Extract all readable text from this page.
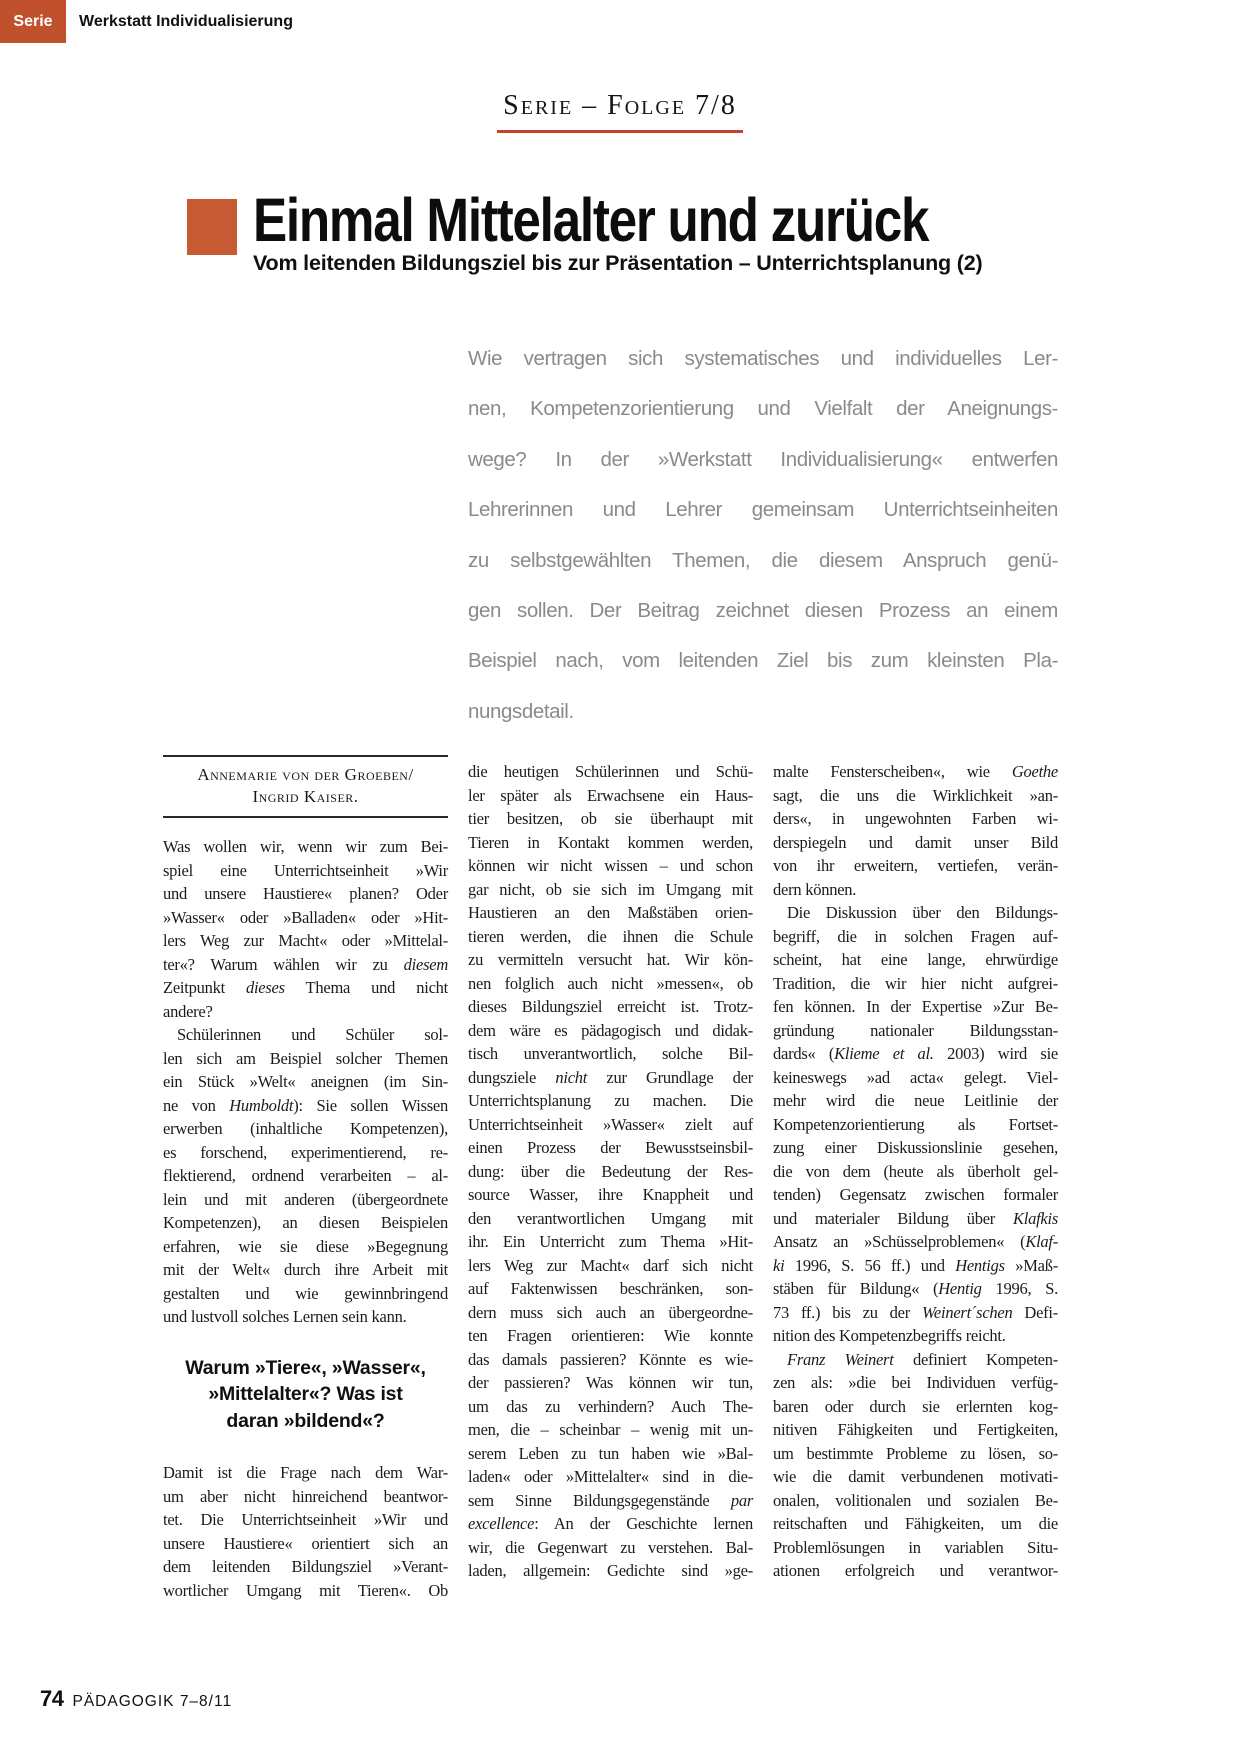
Serie Werkstatt Individualisierung
Serie – Folge 7/8
Einmal Mittelalter und zurück
Vom leitenden Bildungsziel bis zur Präsentation – Unterrichtsplanung (2)
Wie vertragen sich systematisches und individuelles Ler-
nen, Kompetenzorientierung und Vielfalt der Aneignungs-
wege? In der »Werkstatt Individualisierung« entwerfen
Lehrerinnen und Lehrer gemeinsam Unterrichtseinheiten
zu selbstgewählten Themen, die diesem Anspruch genü-
gen sollen. Der Beitrag zeichnet diesen Prozess an einem
Beispiel nach, vom leitenden Ziel bis zum kleinsten Pla-
nungsdetail.
Annemarie von der Groeben/
Ingrid Kaiser.
Was wollen wir, wenn wir zum Bei-
spiel eine Unterrichtseinheit »Wir
und unsere Haustiere« planen? Oder
»Wasser« oder »Balladen« oder »Hit-
lers Weg zur Macht« oder »Mittelal-
ter«? Warum wählen wir zu diesem
Zeitpunkt dieses Thema und nicht
andere?
Schülerinnen und Schüler sol-
len sich am Beispiel solcher Themen
ein Stück »Welt« aneignen (im Sin-
ne von Humboldt): Sie sollen Wissen
erwerben (inhaltliche Kompetenzen),
es forschend, experimentierend, re-
flektierend, ordnend verarbeiten – al-
lein und mit anderen (übergeordnete
Kompetenzen), an diesen Beispielen
erfahren, wie sie diese »Begegnung
mit der Welt« durch ihre Arbeit mit
gestalten und wie gewinnbringend
und lustvoll solches Lernen sein kann.
Warum »Tiere«, »Wasser«,
»Mittelalter«? Was ist
daran »bildend«?
Damit ist die Frage nach dem War-
um aber nicht hinreichend beantwor-
tet. Die Unterrichtseinheit »Wir und
unsere Haustiere« orientiert sich an
dem leitenden Bildungsziel »Verant-
wortlicher Umgang mit Tieren«. Ob
die heutigen Schülerinnen und Schü-
ler später als Erwachsene ein Haus-
tier besitzen, ob sie überhaupt mit
Tieren in Kontakt kommen werden,
können wir nicht wissen – und schon
gar nicht, ob sie sich im Umgang mit
Haustieren an den Maßstäben orien-
tieren werden, die ihnen die Schule
zu vermitteln versucht hat. Wir kön-
nen folglich auch nicht »messen«, ob
dieses Bildungsziel erreicht ist. Trotz-
dem wäre es pädagogisch und didak-
tisch unverantwortlich, solche Bil-
dungsziele nicht zur Grundlage der
Unterrichtsplanung zu machen. Die
Unterrichtseinheit »Wasser« zielt auf
einen Prozess der Bewusstseinsbil-
dung: über die Bedeutung der Res-
source Wasser, ihre Knappheit und
den verantwortlichen Umgang mit
ihr. Ein Unterricht zum Thema »Hit-
lers Weg zur Macht« darf sich nicht
auf Faktenwissen beschränken, son-
dern muss sich auch an übergeordne-
ten Fragen orientieren: Wie konnte
das damals passieren? Könnte es wie-
der passieren? Was können wir tun,
um das zu verhindern? Auch The-
men, die – scheinbar – wenig mit un-
serem Leben zu tun haben wie »Bal-
laden« oder »Mittelalter« sind in die-
sem Sinne Bildungsgegenstände par
excellence: An der Geschichte lernen
wir, die Gegenwart zu verstehen. Bal-
laden, allgemein: Gedichte sind »ge-
malte Fensterscheiben«, wie Goethe
sagt, die uns die Wirklichkeit »an-
ders«, in ungewohnten Farben wi-
derspiegeln und damit unser Bild
von ihr erweitern, vertiefen, verän-
dern können.
Die Diskussion über den Bildungs-
begriff, die in solchen Fragen auf-
scheint, hat eine lange, ehrwürdige
Tradition, die wir hier nicht aufgrei-
fen können. In der Expertise »Zur Be-
gründung nationaler Bildungsstan-
dards« (Klieme et al. 2003) wird sie
keineswegs »ad acta« gelegt. Viel-
mehr wird die neue Leitlinie der
Kompetenzorientierung als Fortset-
zung einer Diskussionslinie gesehen,
die von dem (heute als überholt gel-
tenden) Gegensatz zwischen formaler
und materialer Bildung über Klafkis
Ansatz an »Schüsselproblemen« (Klaf-
ki 1996, S. 56 ff.) und Hentigs »Maß-
stäben für Bildung« (Hentig 1996, S.
73 ff.) bis zu der Weinert´schen Defi-
nition des Kompetenzbegriffs reicht.
Franz Weinert definiert Kompeten-
zen als: »die bei Individuen verfüg-
baren oder durch sie erlernten kog-
nitiven Fähigkeiten und Fertigkeiten,
um bestimmte Probleme zu lösen, so-
wie die damit verbundenen motivati-
onalen, volitionalen und sozialen Be-
reitschaften und Fähigkeiten, um die
Problemlösungen in variablen Situ-
ationen erfolgreich und verantwor-
74 PÄDAGOGIK 7–8/11
